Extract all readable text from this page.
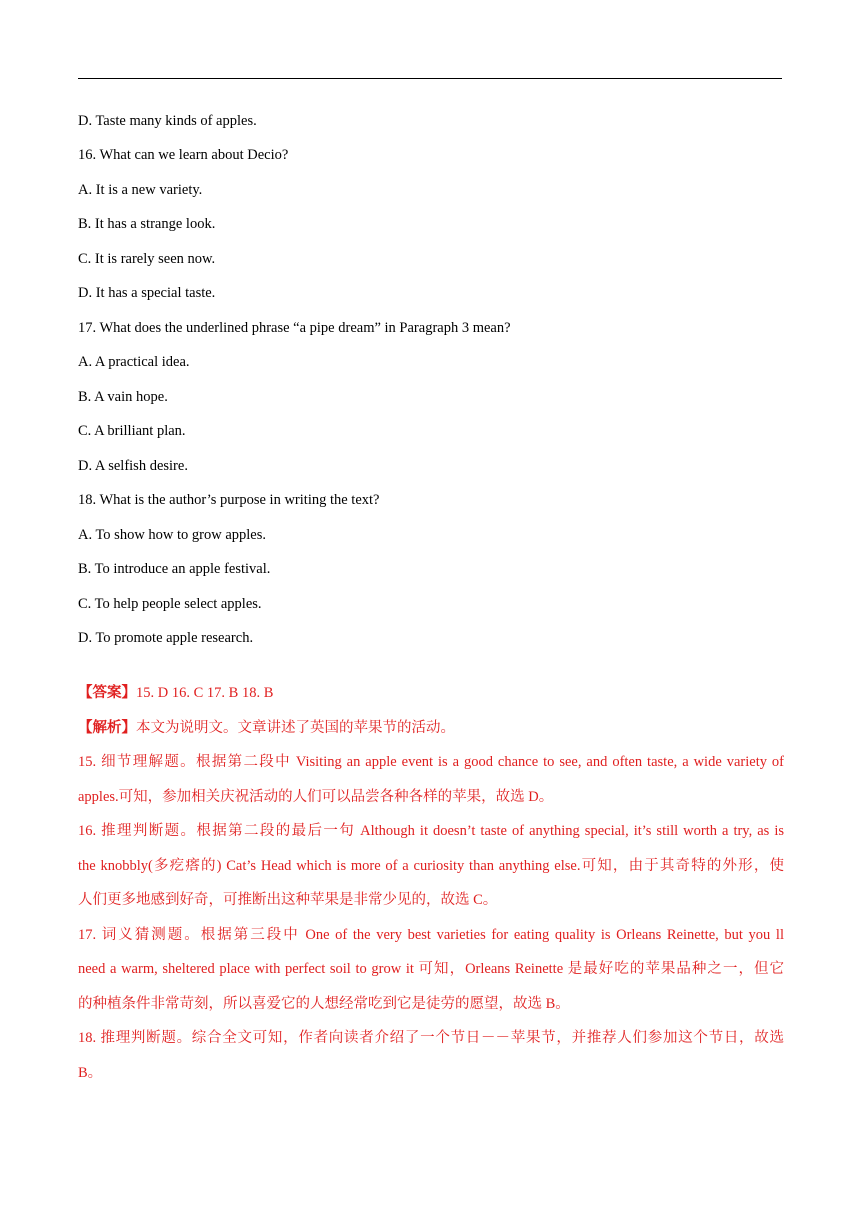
D. Taste many kinds of apples.
16. What can we learn about Decio?
A. It is a new variety.
B. It has a strange look.
C. It is rarely seen now.
D. It has a special taste.
17. What does the underlined phrase “a pipe dream” in Paragraph 3 mean?
A. A practical idea.
B. A vain hope.
C. A brilliant plan.
D. A selfish desire.
18. What is the author’s purpose in writing the text?
A. To show how to grow apples.
B. To introduce an apple festival.
C. To help people select apples.
D. To promote apple research.

【答案】15. D 16. C 17. B 18. B

【解析】本文为说明文。文章讲述了英国的苹果节的活动。

15. 细节理解题。根据第二段中 Visiting an apple event is a good chance to see, and often taste, a wide variety of

apples.可知，参加相关庆祝活动的人们可以品尝各种各样的苹果，故选 D。

16. 推理判断题。根据第二段的最后一句 Although it doesn’t taste of anything special, it’s still worth a try, as is

the knobbly(多疙瘩的) Cat’s Head which is more of a curiosity than anything else.可知，由于其奇特的外形，使

人们更多地感到好奇，可推断出这种苹果是非常少见的，故选 C。

17. 词义猜测题。根据第三段中 One of the very best varieties for eating quality is Orleans Reinette, but you ll

need a warm, sheltered place with perfect soil to grow it 可知，Orleans Reinette 是最好吃的苹果品种之一，但它

的种植条件非常苛刻，所以喜爱它的人想经常吃到它是徒劳的愿望，故选 B。

18. 推理判断题。综合全文可知，作者向读者介绍了一个节日－－苹果节，并推荐人们参加这个节日，故选

B。
